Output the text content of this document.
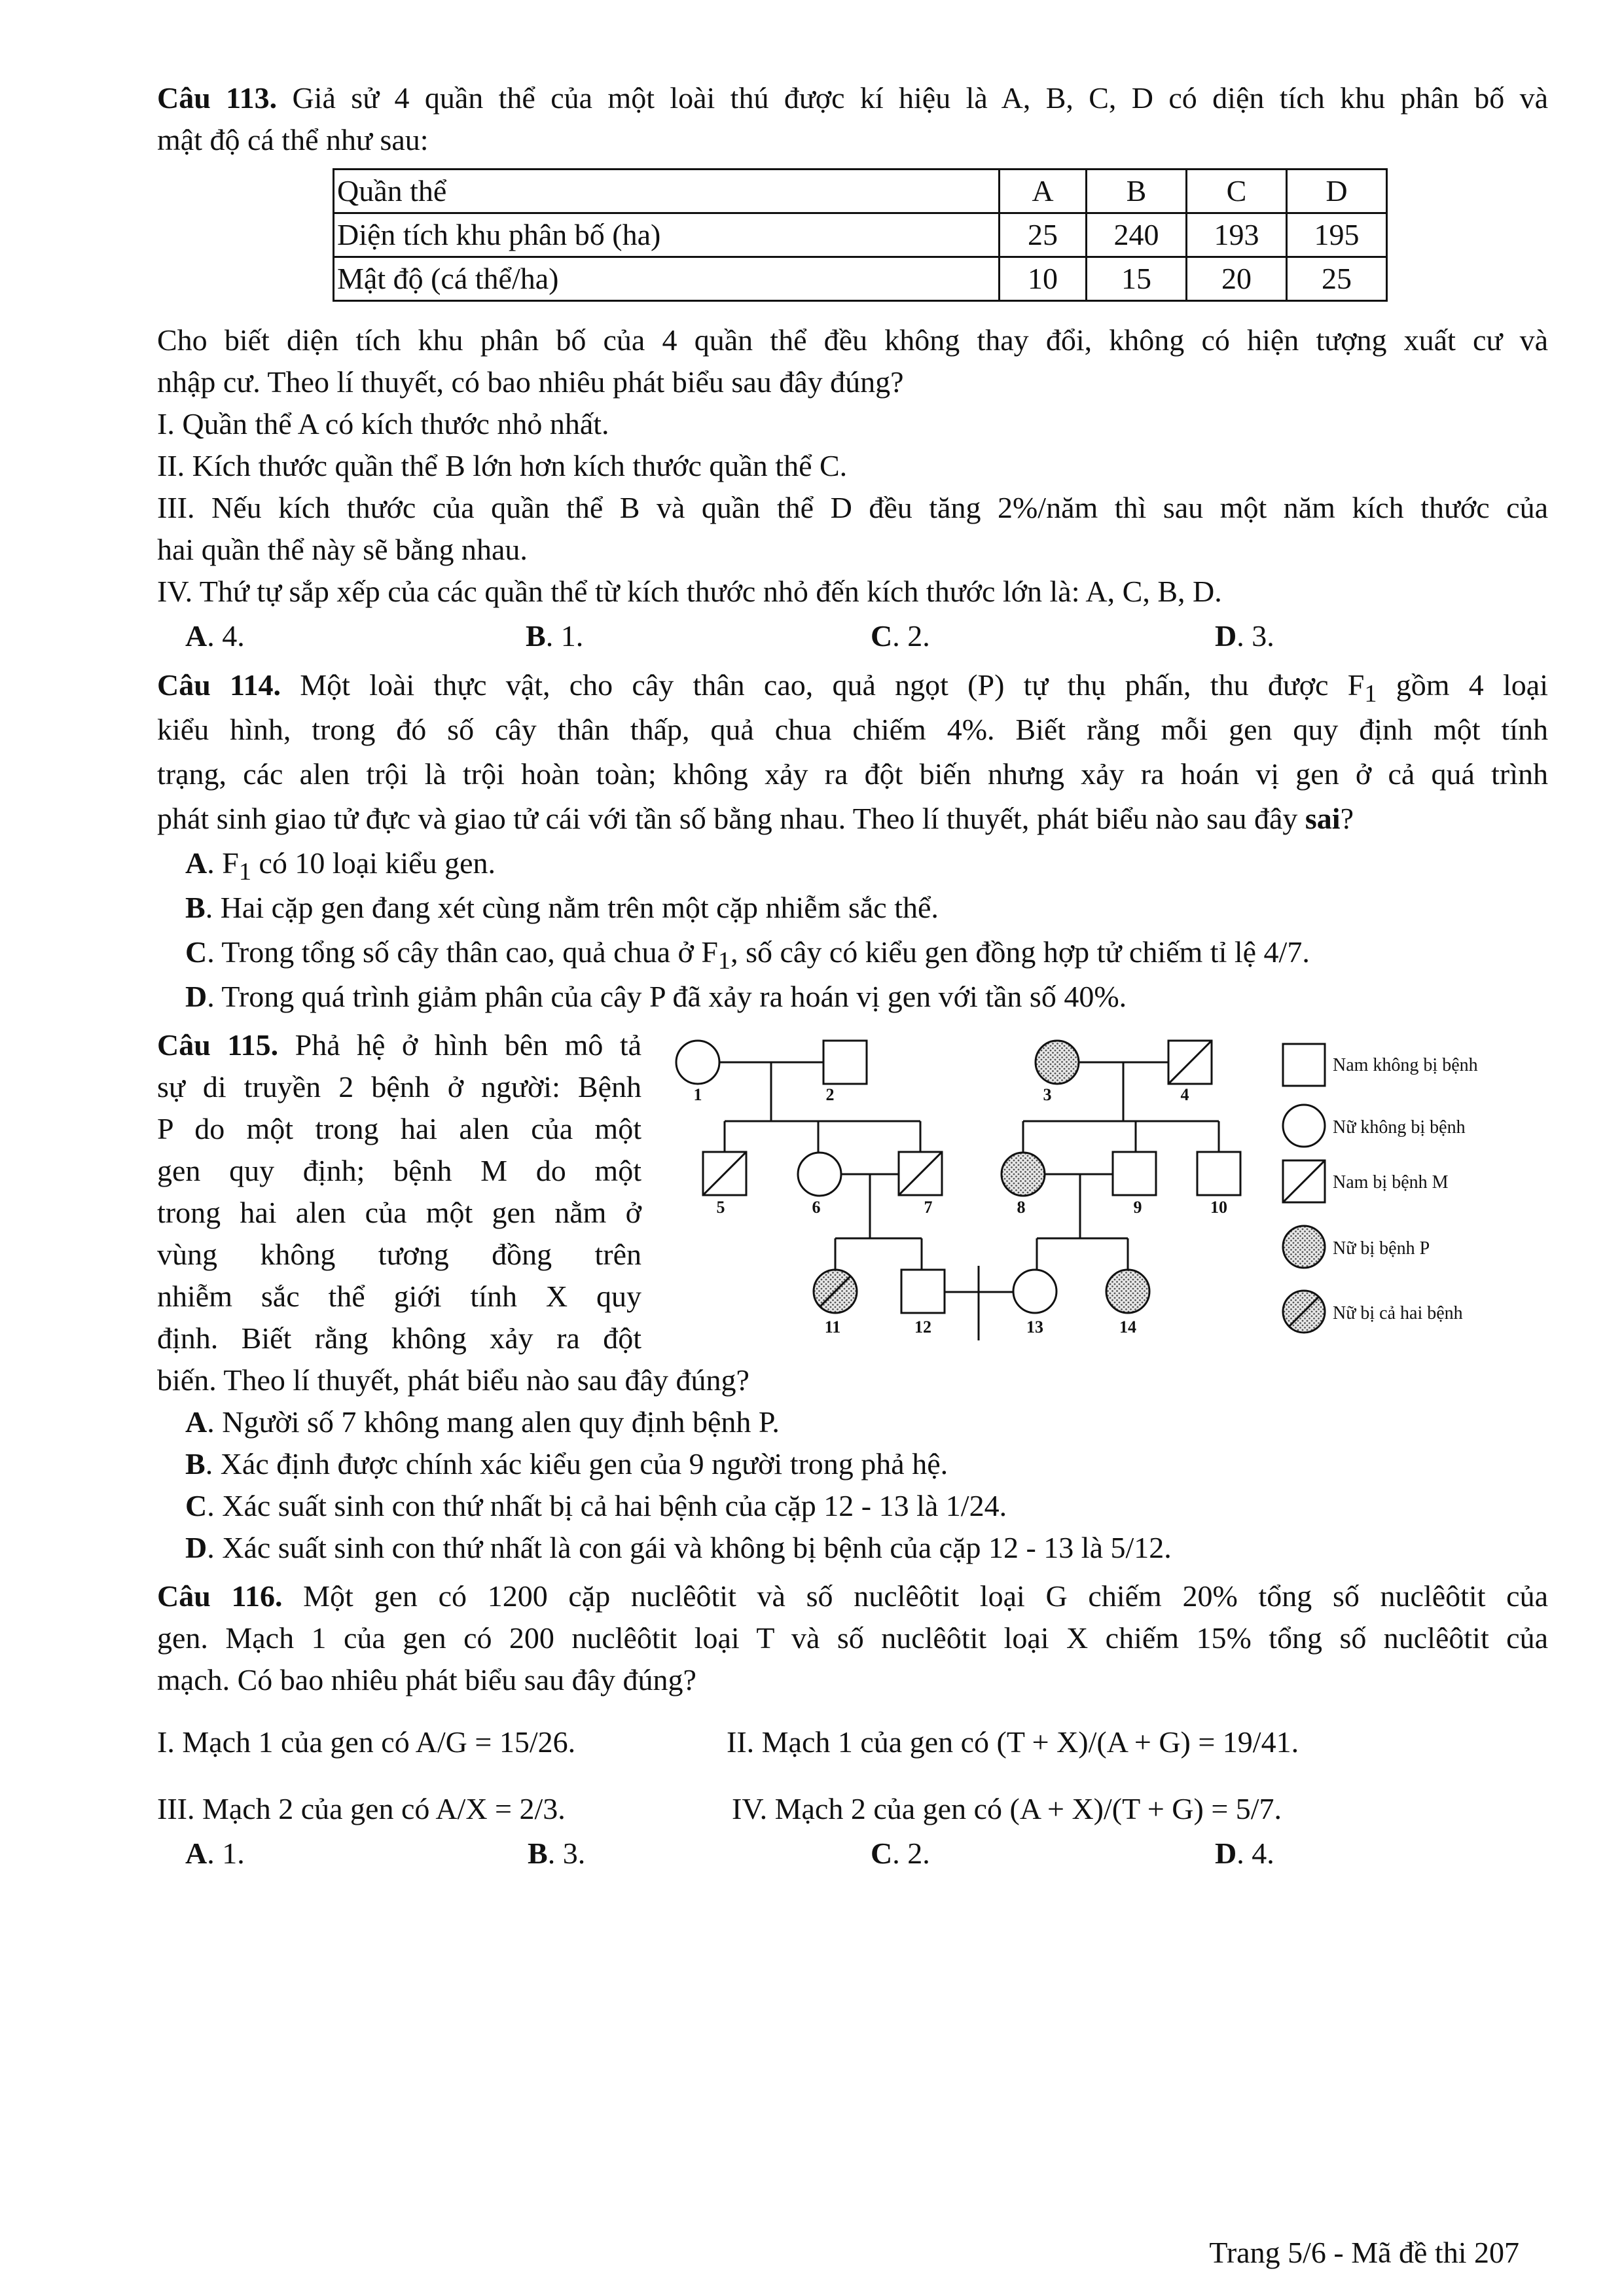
Câu 113. Giả sử 4 quần thể của một loài thú được kí hiệu là A, B, C, D có diện tích khu phân bố và
mật độ cá thể như sau:
Quần thể	A	B	C	D
Diện tích khu phân bố (ha)	25	240	193	195
Mật độ (cá thể/ha)	10	15	20	25
Cho biết diện tích khu phân bố của 4 quần thể đều không thay đổi, không có hiện tượng xuất cư và
nhập cư. Theo lí thuyết, có bao nhiêu phát biểu sau đây đúng?
I. Quần thể A có kích thước nhỏ nhất.
II. Kích thước quần thể B lớn hơn kích thước quần thể C.
III. Nếu kích thước của quần thể B và quần thể D đều tăng 2%/năm thì sau một năm kích thước của
hai quần thể này sẽ bằng nhau.
IV. Thứ tự sắp xếp của các quần thể từ kích thước nhỏ đến kích thước lớn là: A, C, B, D.
A. 4.	B. 1.	C. 2.	D. 3.
Câu 114. Một loài thực vật, cho cây thân cao, quả ngọt (P) tự thụ phấn, thu được $F_1$ gồm 4 loại
kiểu hình, trong đó số cây thân thấp, quả chua chiếm 4%. Biết rằng mỗi gen quy định một tính
trạng, các alen trội là trội hoàn toàn; không xảy ra đột biến nhưng xảy ra hoán vị gen ở cả quá trình
phát sinh giao tử đực và giao tử cái với tần số bằng nhau. Theo lí thuyết, phát biểu nào sau đây sai?
A. $F_1$ có 10 loại kiểu gen.
B. Hai cặp gen đang xét cùng nằm trên một cặp nhiễm sắc thể.
C. Trong tổng số cây thân cao, quả chua ở $F_1$, số cây có kiểu gen đồng hợp tử chiếm tỉ lệ 4/7.
D. Trong quá trình giảm phân của cây P đã xảy ra hoán vị gen với tần số 40%.
Câu 115. Phả hệ ở hình bên mô tả
sự di truyền 2 bệnh ở người: Bệnh
P do một trong hai alen của một
gen quy định; bệnh M do một
trong hai alen của một gen nằm ở
vùng không tương đồng trên
nhiễm sắc thể giới tính X quy
định. Biết rằng không xảy ra đột
biến. Theo lí thuyết, phát biểu nào sau đây đúng?
A. Người số 7 không mang alen quy định bệnh P.
B. Xác định được chính xác kiểu gen của 9 người trong phả hệ.
C. Xác suất sinh con thứ nhất bị cả hai bệnh của cặp 12 - 13 là 1/24.
D. Xác suất sinh con thứ nhất là con gái và không bị bệnh của cặp 12 - 13 là 5/12.
1	2	3	4
5	6	7	8	9	10
11	12	13	14
Nam không bị bệnh
Nữ không bị bệnh
Nam bị bệnh M
Nữ bị bệnh P
Nữ bị cả hai bệnh
Câu 116. Một gen có 1200 cặp nuclêôtit và số nuclêôtit loại G chiếm 20% tổng số nuclêôtit của
gen. Mạch 1 của gen có 200 nuclêôtit loại T và số nuclêôtit loại X chiếm 15% tổng số nuclêôtit của
mạch. Có bao nhiêu phát biểu sau đây đúng?
I. Mạch 1 của gen có A/G = 15/26.	II. Mạch 1 của gen có (T + X)/(A + G) = 19/41.
III. Mạch 2 của gen có A/X = 2/3.	IV. Mạch 2 của gen có (A + X)/(T + G) = 5/7.
A. 1.	B. 3.	C. 2.	D. 4.
Trang 5/6 - Mã đề thi 207
